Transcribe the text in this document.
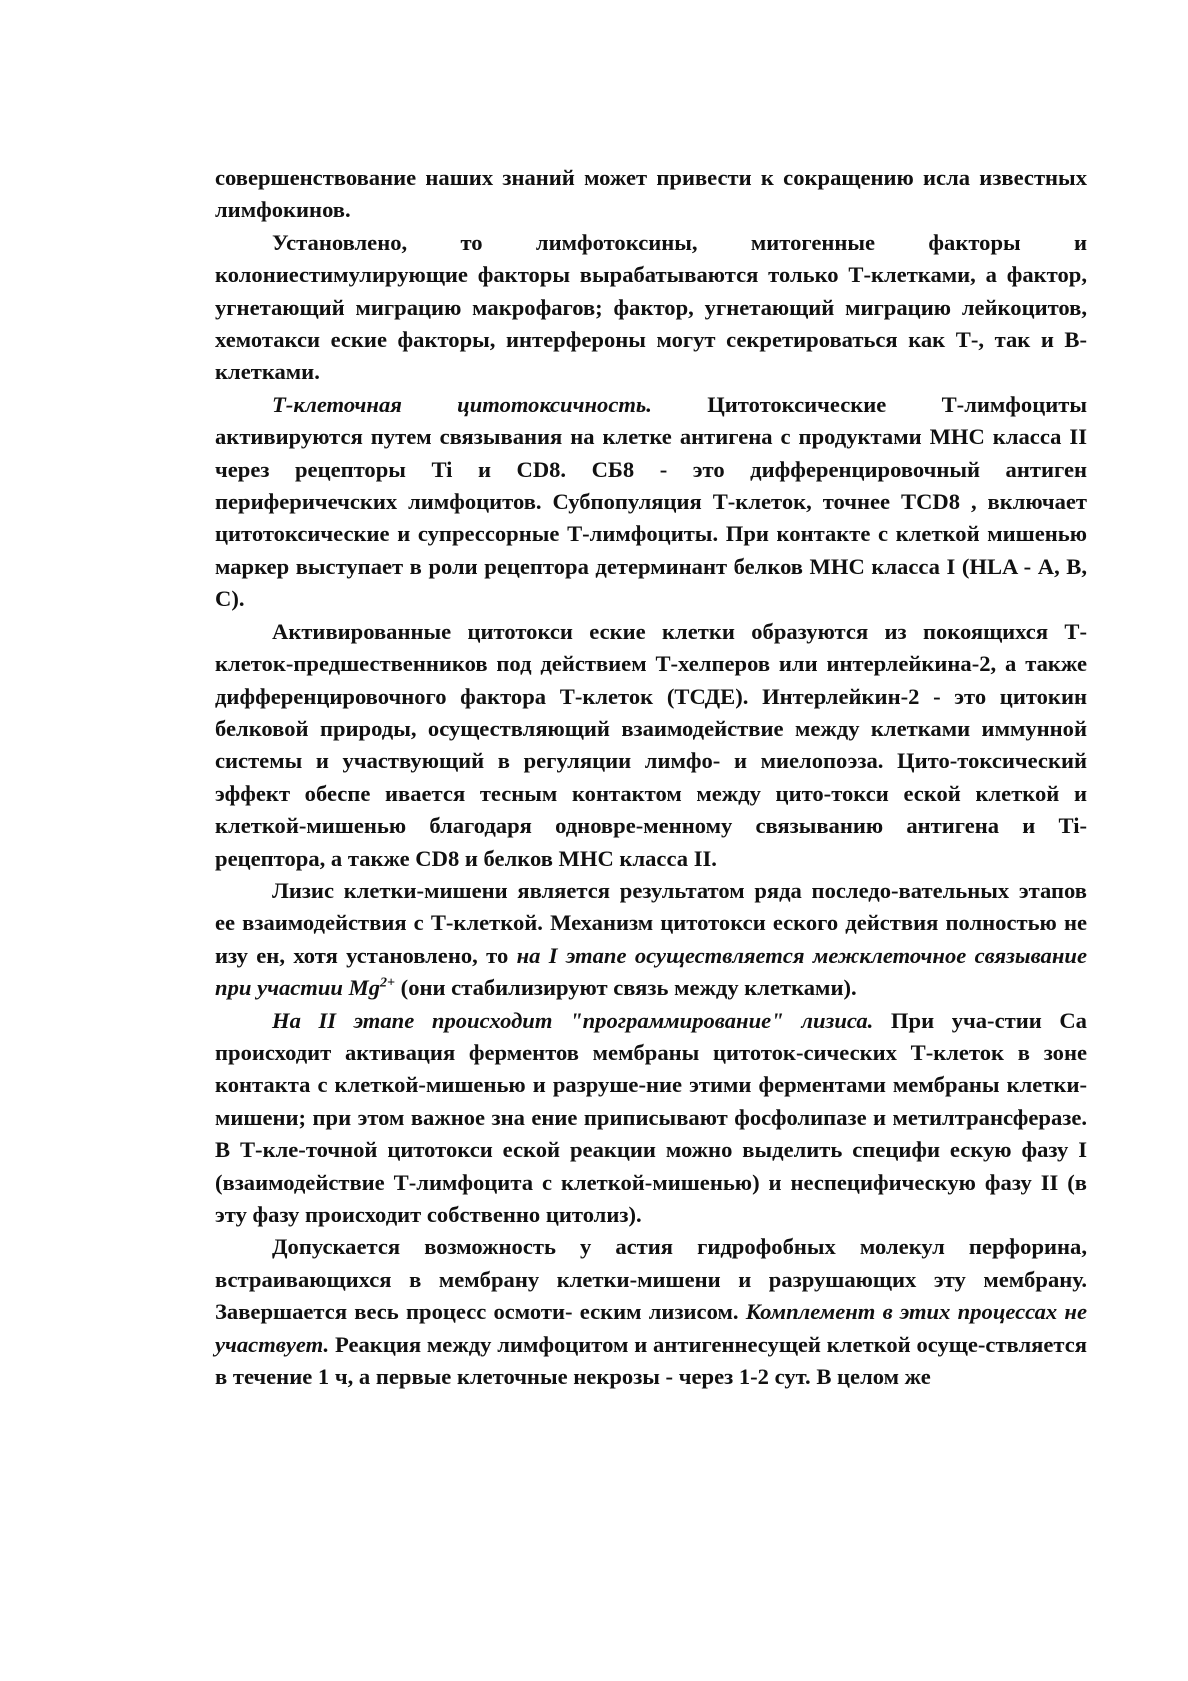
совершенствование наших знаний может привести к сокращению исла известных лимфокинов.

Установлено, то лимфотоксины, митогенные факторы и колониестимулирующие факторы вырабатываются только Т-клетками, а фактор, угнетающий миграцию макрофагов; фактор, угнетающий миграцию лейкоцитов, хемотакси еские факторы, интерфероны могут секретироваться как Т-, так и В-клетками.

Т-клеточная цитотоксичность. Цитотоксические Т-лимфоциты активируются путем связывания на клетке антигена с продуктами МНС класса II через рецепторы Ti и CD8. СБ8 - это дифференцировочный антиген периферичечских лимфоцитов. Субпопуляция Т-клеток, точнее TCD8 , включает цитотоксические и супрессорные Т-лимфоциты. При контакте с клеткой мишенью маркер выступает в роли рецептора детерминант белков МНС класса I (HLA - А, В, С).

Активированные цитотокси еские клетки образуются из покоящихся Т-клеток-предшественников под действием Т-хелперов или интерлейкина-2, а также дифференцировочного фактора Т-клеток (ТСДЕ). Интерлейкин-2 - это цитокин белковой природы, осуществляющий взаимодействие между клетками иммунной системы и участвующий в регуляции лимфо- и миелопоэза. Цито-токсический эффект обеспе ивается тесным контактом между цито-токси еской клеткой и клеткой-мишенью благодаря одновре-менному связыванию антигена и Ti-рецептора, а также CD8 и белков МНС класса II.

Лизис клетки-мишени является результатом ряда последо-вательных этапов ее взаимодействия с Т-клеткой. Механизм цитотокси еского действия полностью не изу ен, хотя установлено, то на I этапе осуществляется межклеточное связывание при участии $Mg^{2+}$ (они стабилизируют связь между клетками).

На II этапе происходит "программирование" лизиса. При уча-стии Са происходит активация ферментов мембраны цитоток-сических Т-клеток в зоне контакта с клеткой-мишенью и разруше-ние этими ферментами мембраны клетки-мишени; при этом важное зна ение приписывают фосфолипазе и метилтрансферазе. В Т-кле-точной цитотокси еской реакции можно выделить специфи ескую фазу I (взаимодействие Т-лимфоцита с клеткой-мишенью) и неспецифическую фазу II (в эту фазу происходит собственно цитолиз).

Допускается возможность у астия гидрофобных молекул перфорина, встраивающихся в мембрану клетки-мишени и разрушающих эту мембрану. Завершается весь процесс осмоти- еским лизисом. Комплемент в этих процессах не участвует. Реакция между лимфоцитом и антигеннесущей клеткой осуще-ствляется в течение 1 ч, а первые клеточные некрозы - через 1-2 сут. В целом же
